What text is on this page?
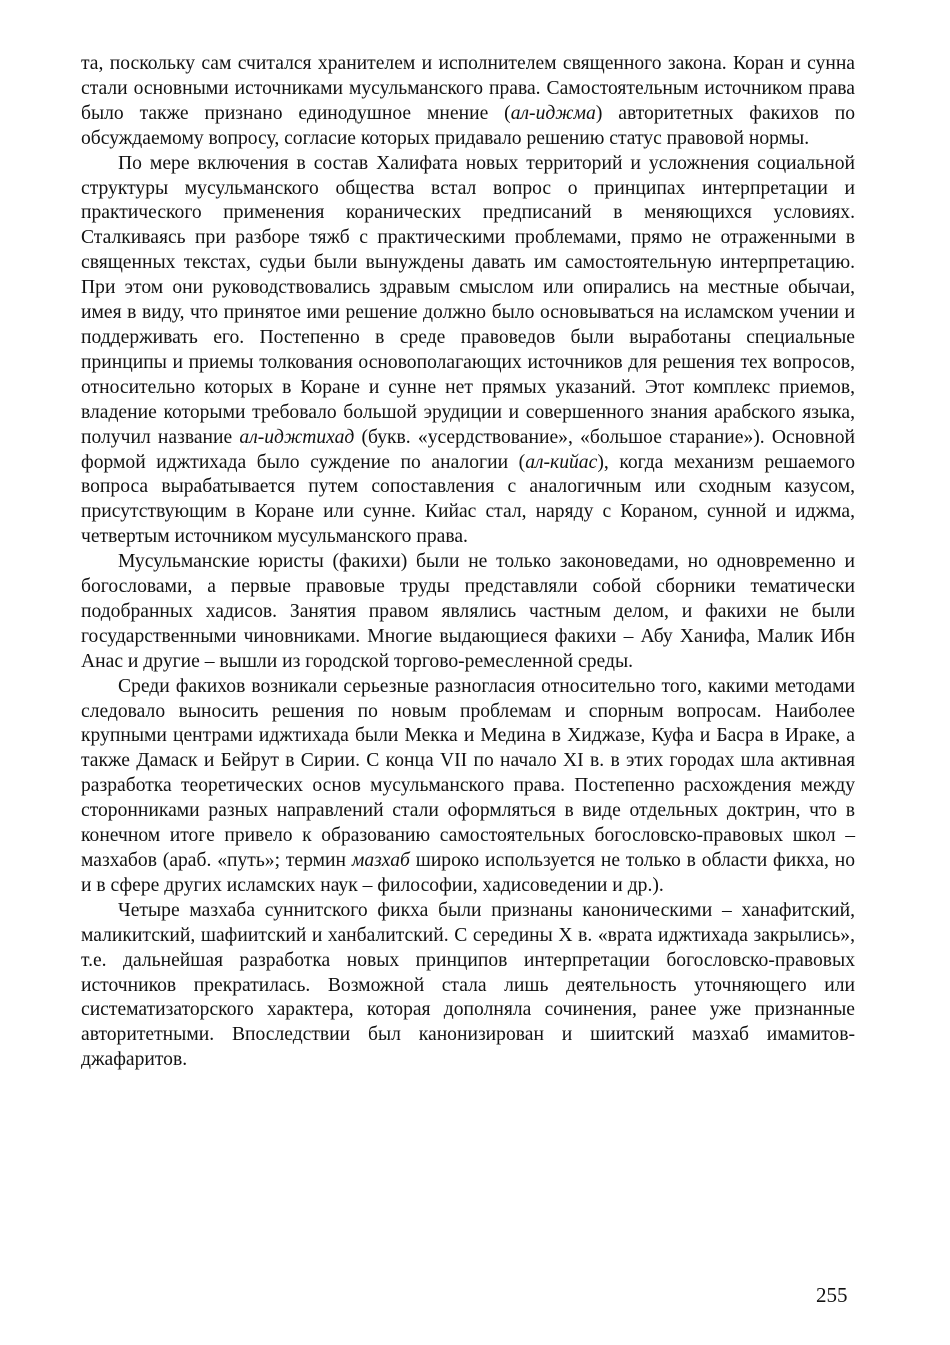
та, поскольку сам считался хранителем и исполнителем священного закона. Коран и сунна стали основными источниками мусульманского права. Самостоятельным источником права было также признано единодушное мнение (ал-иджма) авторитетных факихов по обсуждаемому вопросу, согласие которых придавало решению статус правовой нормы.

По мере включения в состав Халифата новых территорий и усложнения социальной структуры мусульманского общества встал вопрос о принципах интерпретации и практического применения коранических предписаний в меняющихся условиях. Сталкиваясь при разборе тяжб с практическими проблемами, прямо не отраженными в священных текстах, судьи были вынуждены давать им самостоятельную интерпретацию. При этом они руководствовались здравым смыслом или опирались на местные обычаи, имея в виду, что принятое ими решение должно было основываться на исламском учении и поддерживать его. Постепенно в среде правоведов были выработаны специальные принципы и приемы толкования основополагающих источников для решения тех вопросов, относительно которых в Коране и сунне нет прямых указаний. Этот комплекс приемов, владение которыми требовало большой эрудиции и совершенного знания арабского языка, получил название ал-иджтихад (букв. «усердствование», «большое старание»). Основной формой иджтихада было суждение по аналогии (ал-кийас), когда механизм решаемого вопроса вырабатывается путем сопоставления с аналогичным или сходным казусом, присутствующим в Коране или сунне. Кийас стал, наряду с Кораном, сунной и иджма, четвертым источником мусульманского права.

Мусульманские юристы (факихи) были не только законоведами, но одновременно и богословами, а первые правовые труды представляли собой сборники тематически подобранных хадисов. Занятия правом являлись частным делом, и факихи не были государственными чиновниками. Многие выдающиеся факихи – Абу Ханифа, Малик Ибн Анас и другие – вышли из городской торгово-ремесленной среды.

Среди факихов возникали серьезные разногласия относительно того, какими методами следовало выносить решения по новым проблемам и спорным вопросам. Наиболее крупными центрами иджтихада были Мекка и Медина в Хиджазе, Куфа и Басра в Ираке, а также Дамаск и Бейрут в Сирии. С конца VII по начало XI в. в этих городах шла активная разработка теоретических основ мусульманского права. Постепенно расхождения между сторонниками разных направлений стали оформляться в виде отдельных доктрин, что в конечном итоге привело к образованию самостоятельных богословско-правовых школ – мазхабов (араб. «путь»; термин мазхаб широко используется не только в области фикха, но и в сфере других исламских наук – философии, хадисоведении и др.).

Четыре мазхаба суннитского фикха были признаны каноническими – ханафитский, маликитский, шафиитский и ханбалитский. С середины X в. «врата иджтихада закрылись», т.е. дальнейшая разработка новых принципов интерпретации богословско-правовых источников прекратилась. Возможной стала лишь деятельность уточняющего или систематизаторского характера, которая дополняла сочинения, ранее уже признанные авторитетными. Впоследствии был канонизирован и шиитский мазхаб имамитов-джафаритов.

255
